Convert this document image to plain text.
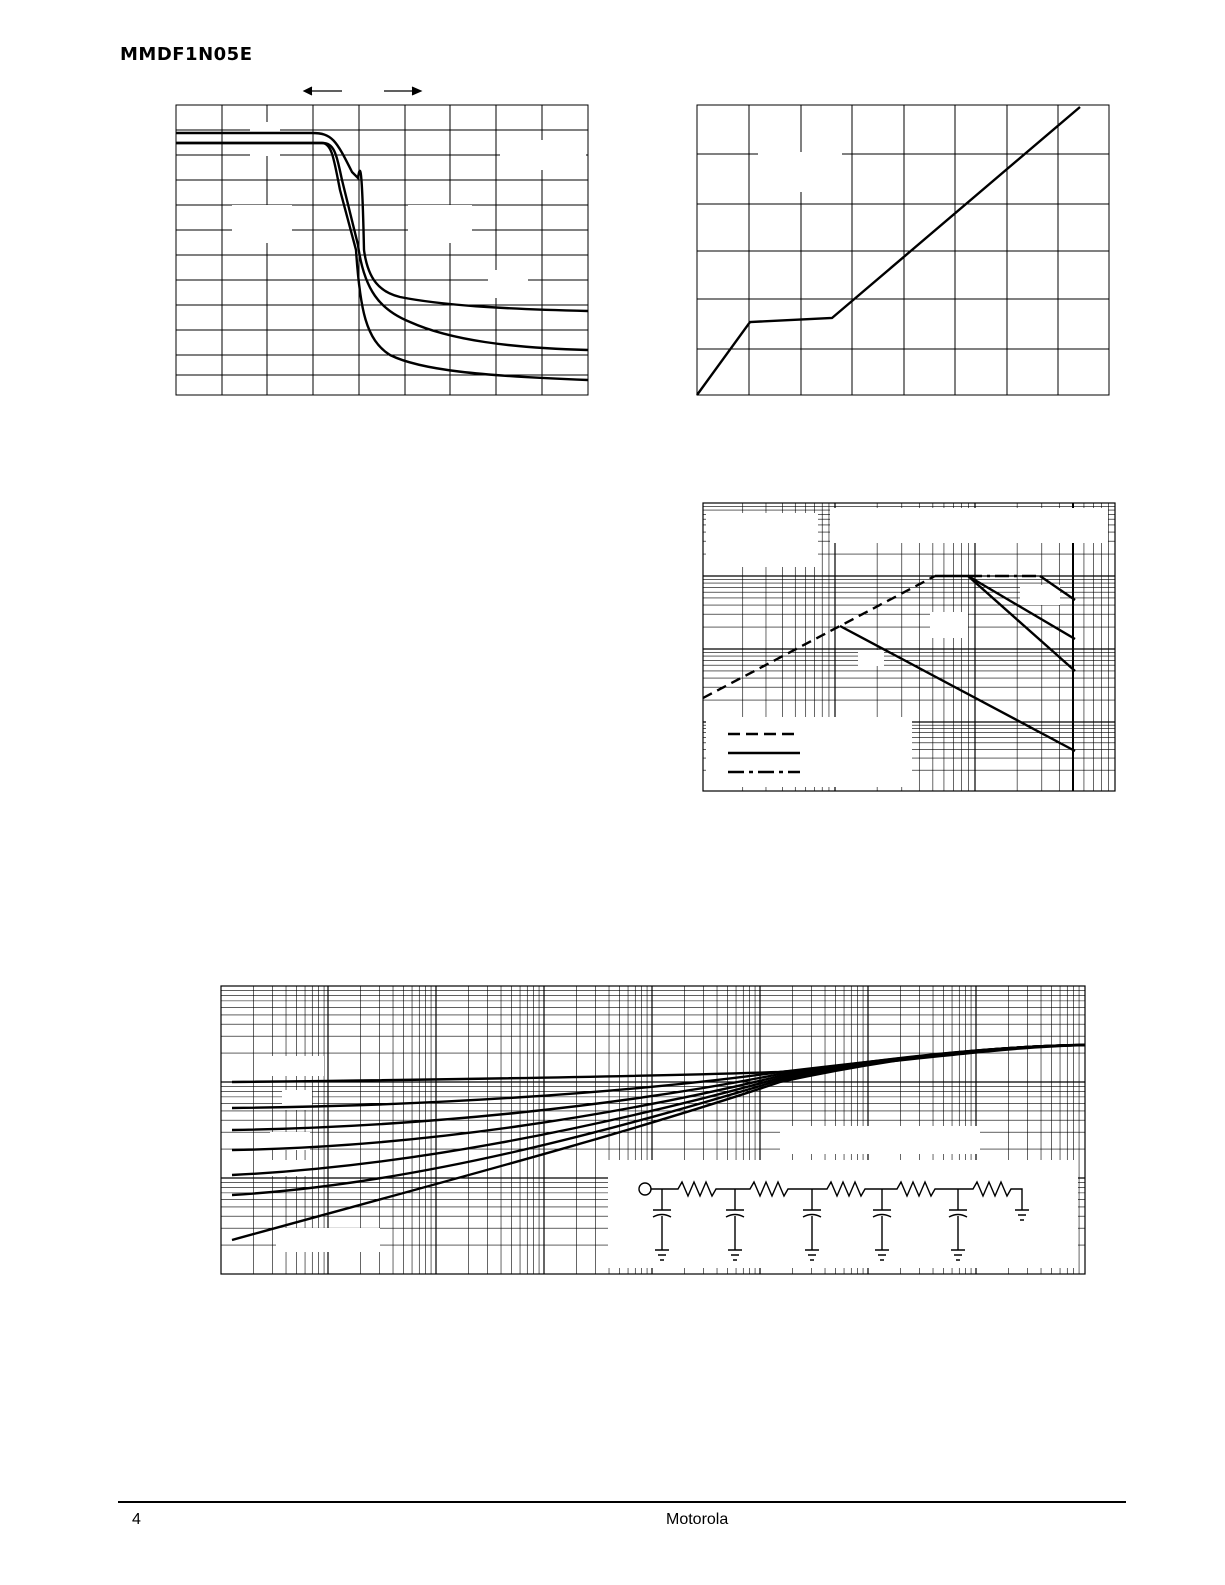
MMDF1N05E
4	Motorola
